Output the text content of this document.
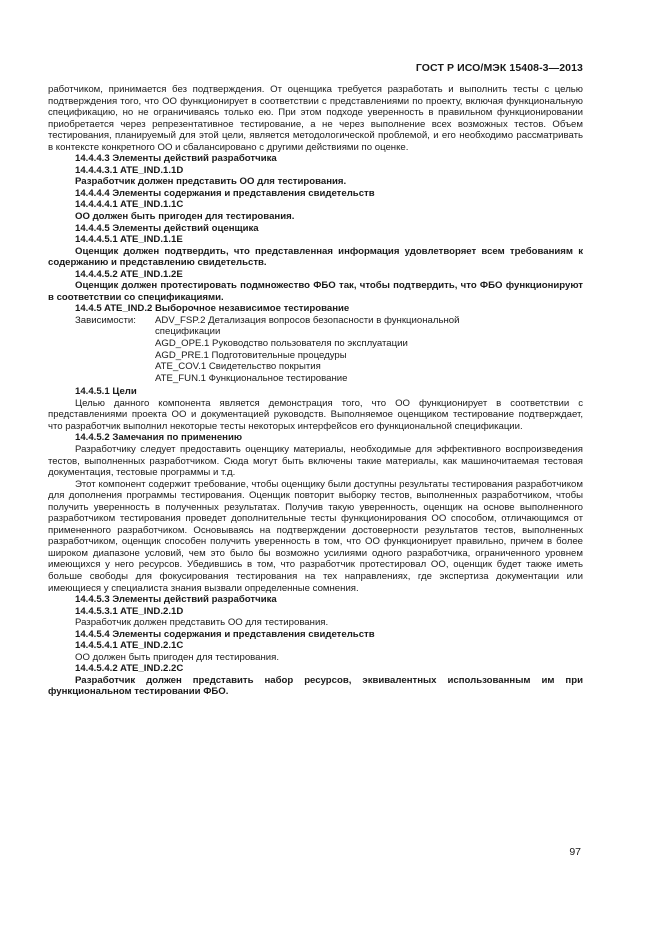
ГОСТ Р ИСО/МЭК 15408-3—2013

работчиком, принимается без подтверждения. От оценщика требуется разработать и выполнить тесты с целью подтверждения того, что ОО функционирует в соответствии с представлениями по проекту, включая функциональную спецификацию, но не ограничиваясь только ею. При этом подходе уверенность в правильном функционировании приобретается через репрезентативное тестирование, а не через выполнение всех возможных тестов. Объем тестирования, планируемый для этой цели, является методологической проблемой, и его необходимо рассматривать в контексте конкретного ОО и сбалансировано с другими действиями по оценке.

14.4.4.3 Элементы действий разработчика

14.4.4.3.1 ATE_IND.1.1D

Разработчик должен представить ОО для тестирования.

14.4.4.4 Элементы содержания и представления свидетельств

14.4.4.4.1 ATE_IND.1.1C

ОО должен быть пригоден для тестирования.

14.4.4.5 Элементы действий оценщика

14.4.4.5.1 ATE_IND.1.1E

Оценщик должен подтвердить, что представленная информация удовлетворяет всем требованиям к содержанию и представлению свидетельств.

14.4.4.5.2 ATE_IND.1.2E

Оценщик должен протестировать подмножество ФБО так, чтобы подтвердить, что ФБО функционируют в соответствии со спецификациями.

14.4.5 ATE_IND.2 Выборочное независимое тестирование

Зависимости: ADV_FSP.2 Детализация вопросов безопасности в функциональной
спецификации
AGD_OPE.1 Руководство пользователя по эксплуатации
AGD_PRE.1 Подготовительные процедуры
ATE_COV.1 Свидетельство покрытия
ATE_FUN.1 Функциональное тестирование

14.4.5.1 Цели

Целью данного компонента является демонстрация того, что ОО функционирует в соответствии с представлениями проекта ОО и документацией руководств. Выполняемое оценщиком тестирование подтверждает, что разработчик выполнил некоторые тесты некоторых интерфейсов его функциональной спецификации.

14.4.5.2 Замечания по применению

Разработчику следует предоставить оценщику материалы, необходимые для эффективного воспроизведения тестов, выполненных разработчиком. Сюда могут быть включены такие материалы, как машиночитаемая тестовая документация, тестовые программы и т.д.

Этот компонент содержит требование, чтобы оценщику были доступны результаты тестирования разработчиком для дополнения программы тестирования. Оценщик повторит выборку тестов, выполненных разработчиком, чтобы получить уверенность в полученных результатах. Получив такую уверенность, оценщик на основе выполненного разработчиком тестирования проведет дополнительные тесты функционирования ОО способом, отличающимся от примененного разработчиком. Основываясь на подтверждении достоверности результатов тестов, выполненных разработчиком, оценщик способен получить уверенность в том, что ОО функционирует правильно, причем в более широком диапазоне условий, чем это было бы возможно усилиями одного разработчика, ограниченного уровнем имеющихся у него ресурсов. Убедившись в том, что разработчик протестировал ОО, оценщик будет также иметь больше свободы для фокусирования тестирования на тех направлениях, где экспертиза документации или имеющиеся у специалиста знания вызвали определенные сомнения.

14.4.5.3 Элементы действий разработчика

14.4.5.3.1 ATE_IND.2.1D

Разработчик должен представить ОО для тестирования.

14.4.5.4 Элементы содержания и представления свидетельств

14.4.5.4.1 ATE_IND.2.1C

ОО должен быть пригоден для тестирования.

14.4.5.4.2 ATE_IND.2.2C

Разработчик должен представить набор ресурсов, эквивалентных использованным им при функциональном тестировании ФБО.

97
